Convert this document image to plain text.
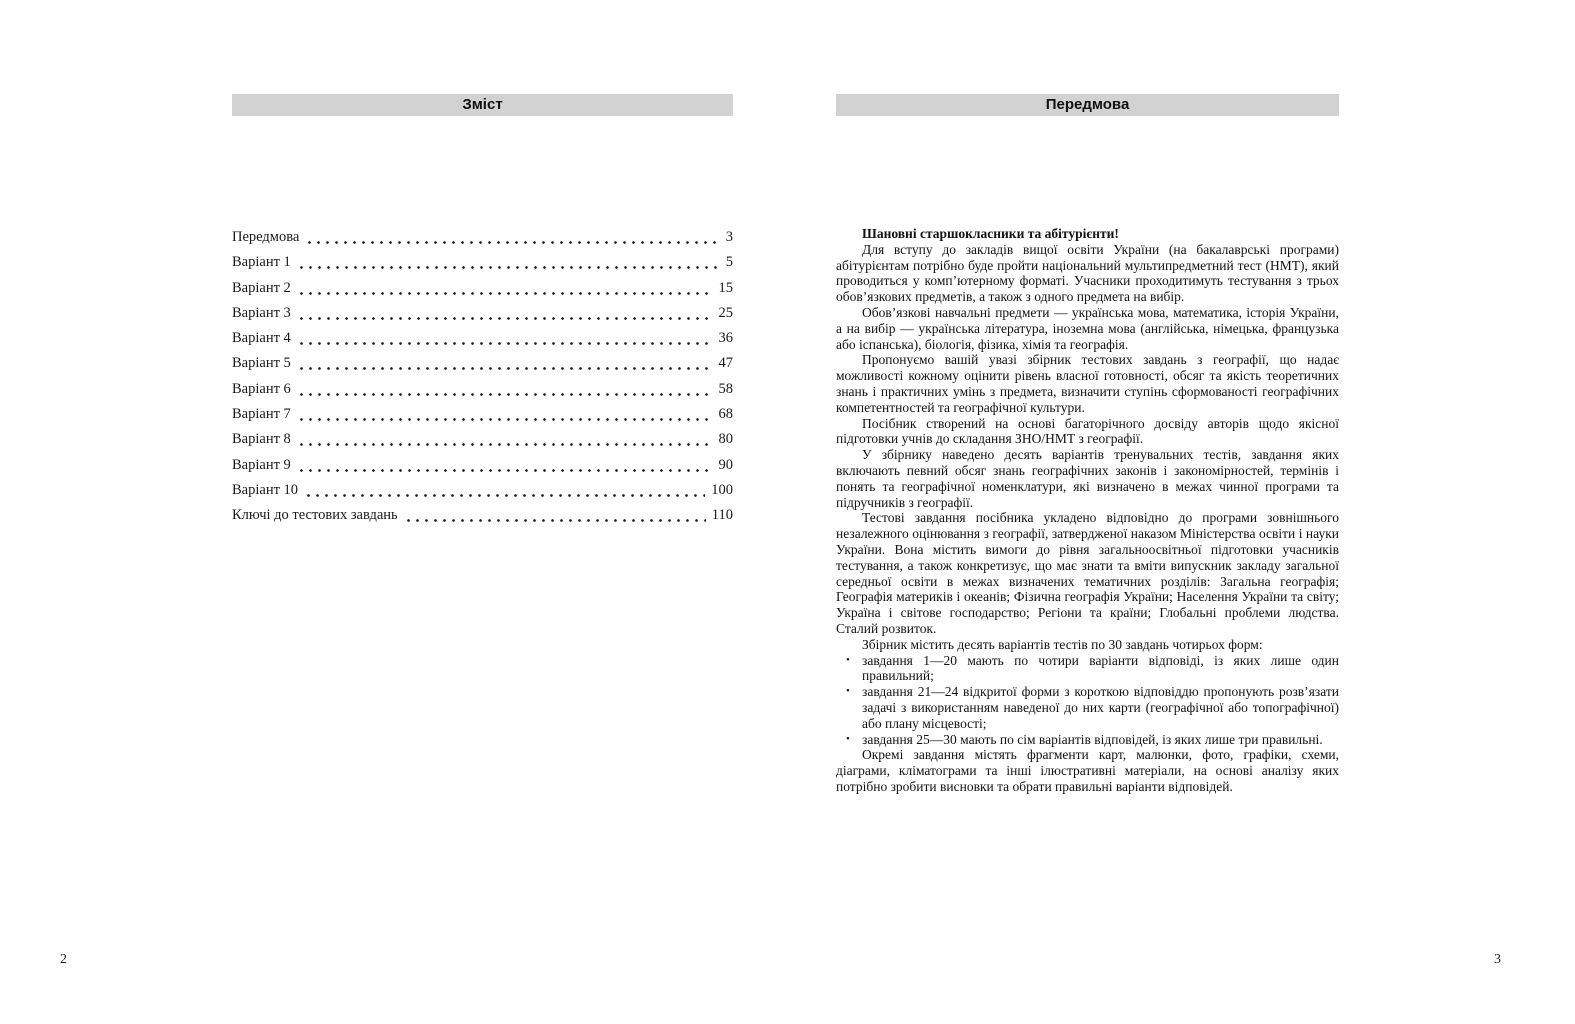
Зміст
Передмова	3
Варіант 1	5
Варіант 2	15
Варіант 3	25
Варіант 4	36
Варіант 5	47
Варіант 6	58
Варіант 7	68
Варіант 8	80
Варіант 9	90
Варіант 10	100
Ключі до тестових завдань	110
Передмова

Шановні старшокласники та абітурієнти!

Для вступу до закладів вищої освіти України (на бакалаврські програми) абітурієнтам потрібно буде пройти національний мультипредметний тест (НМТ), який проводиться у комп’ютерному форматі. Учасники проходитимуть тестування з трьох обов’язкових предметів, а також з одного предмета на вибір.

Обов’язкові навчальні предмети — українська мова, математика, історія України, а на вибір — українська література, іноземна мова (англійська, німецька, французька або іспанська), біологія, фізика, хімія та географія.

Пропонуємо вашій увазі збірник тестових завдань з географії, що надає можливості кожному оцінити рівень власної готовності, обсяг та якість теоретичних знань і практичних умінь з предмета, визначити ступінь сформованості географічних компетентностей та географічної культури.

Посібник створений на основі багаторічного досвіду авторів щодо якісної підготовки учнів до складання ЗНО/НМТ з географії.

У збірнику наведено десять варіантів тренувальних тестів, завдання яких включають певний обсяг знань географічних законів і закономірностей, термінів і понять та географічної номенклатури, які визначено в межах чинної програми та підручників з географії.

Тестові завдання посібника укладено відповідно до програми зовнішнього незалежного оцінювання з географії, затвердженої наказом Міністерства освіти і науки України. Вона містить вимоги до рівня загальноосвітньої підготовки учасників тестування, а також конкретизує, що має знати та вміти випускник закладу загальної середньої освіти в межах визначених тематичних розділів: Загальна географія; Географія материків і океанів; Фізична географія України; Населення України та світу; Україна і світове господарство; Регіони та країни; Глобальні проблеми людства. Сталий розвиток.

Збірник містить десять варіантів тестів по 30 завдань чотирьох форм:

• завдання 1—20 мають по чотири варіанти відповіді, із яких лише один правильний;
• завдання 21—24 відкритої форми з короткою відповіддю пропонують розв’язати задачі з використанням наведеної до них карти (географічної або топографічної) або плану місцевості;
• завдання 25—30 мають по сім варіантів відповідей, із яких лише три правильні.

Окремі завдання містять фрагменти карт, малюнки, фото, графіки, схеми, діаграми, кліматограми та інші ілюстративні матеріали, на основі аналізу яких потрібно зробити висновки та обрати правильні варіанти відповідей.

2	3
